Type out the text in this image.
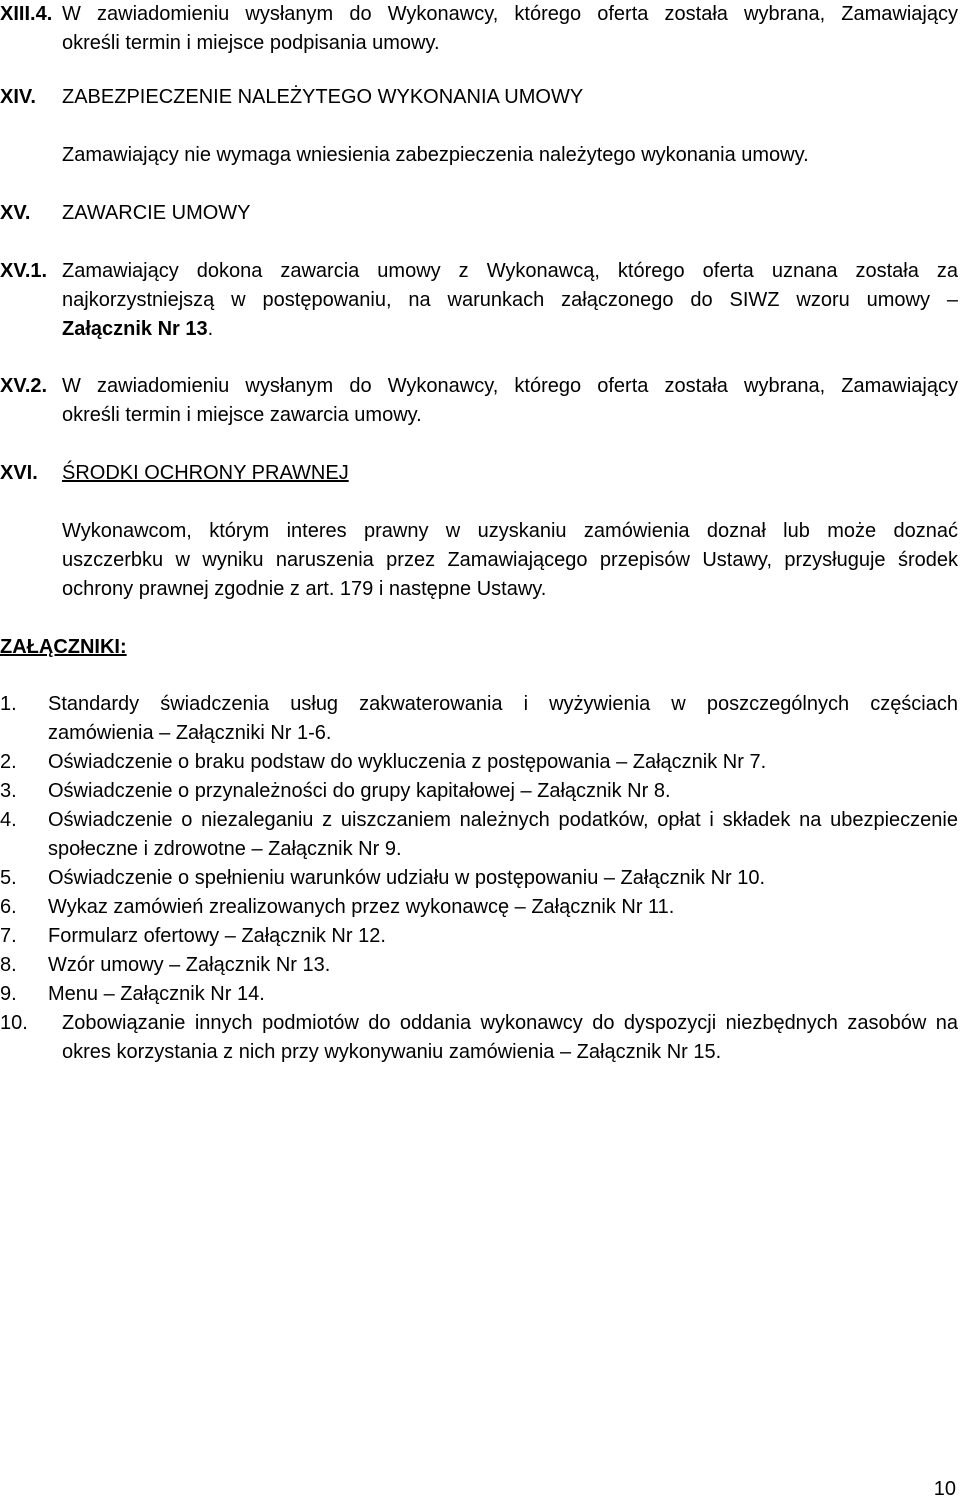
XIII.4. W zawiadomieniu wysłanym do Wykonawcy, którego oferta została wybrana, Zamawiający
określi termin i miejsce podpisania umowy.
XIV.	ZABEZPIECZENIE NALEŻYTEGO WYKONANIA UMOWY
Zamawiający nie wymaga wniesienia zabezpieczenia należytego wykonania umowy.
XV.	ZAWARCIE UMOWY
XV.1. Zamawiający dokona zawarcia umowy z Wykonawcą, którego oferta uznana została za
najkorzystniejszą w postępowaniu, na warunkach załączonego do SIWZ wzoru umowy –
Załącznik Nr 13.
XV.2. W zawiadomieniu wysłanym do Wykonawcy, którego oferta została wybrana, Zamawiający
określi termin i miejsce zawarcia umowy.
XVI.	ŚRODKI OCHRONY PRAWNEJ
Wykonawcom, którym interes prawny w uzyskaniu zamówienia doznał lub może doznać
uszczerbku w wyniku naruszenia przez Zamawiającego przepisów Ustawy, przysługuje środek
ochrony prawnej zgodnie z art. 179 i następne Ustawy.
ZAŁĄCZNIKI:
1.	Standardy świadczenia usług zakwaterowania i wyżywienia w poszczególnych częściach
zamówienia – Załączniki Nr 1-6.
2.	Oświadczenie o braku podstaw do wykluczenia z postępowania – Załącznik Nr 7.
3.	Oświadczenie o przynależności do grupy kapitałowej – Załącznik Nr 8.
4.	Oświadczenie o niezaleganiu z uiszczaniem należnych podatków, opłat i składek na ubezpieczenie
społeczne i zdrowotne – Załącznik Nr 9.
5.	Oświadczenie o spełnieniu warunków udziału w postępowaniu – Załącznik Nr 10.
6.	Wykaz zamówień zrealizowanych przez wykonawcę – Załącznik Nr 11.
7.	Formularz ofertowy – Załącznik Nr 12.
8.	Wzór umowy – Załącznik Nr 13.
9.	Menu – Załącznik Nr 14.
10.	Zobowiązanie innych podmiotów do oddania wykonawcy do dyspozycji niezbędnych zasobów na
okres korzystania z nich przy wykonywaniu zamówienia – Załącznik Nr 15.
10
